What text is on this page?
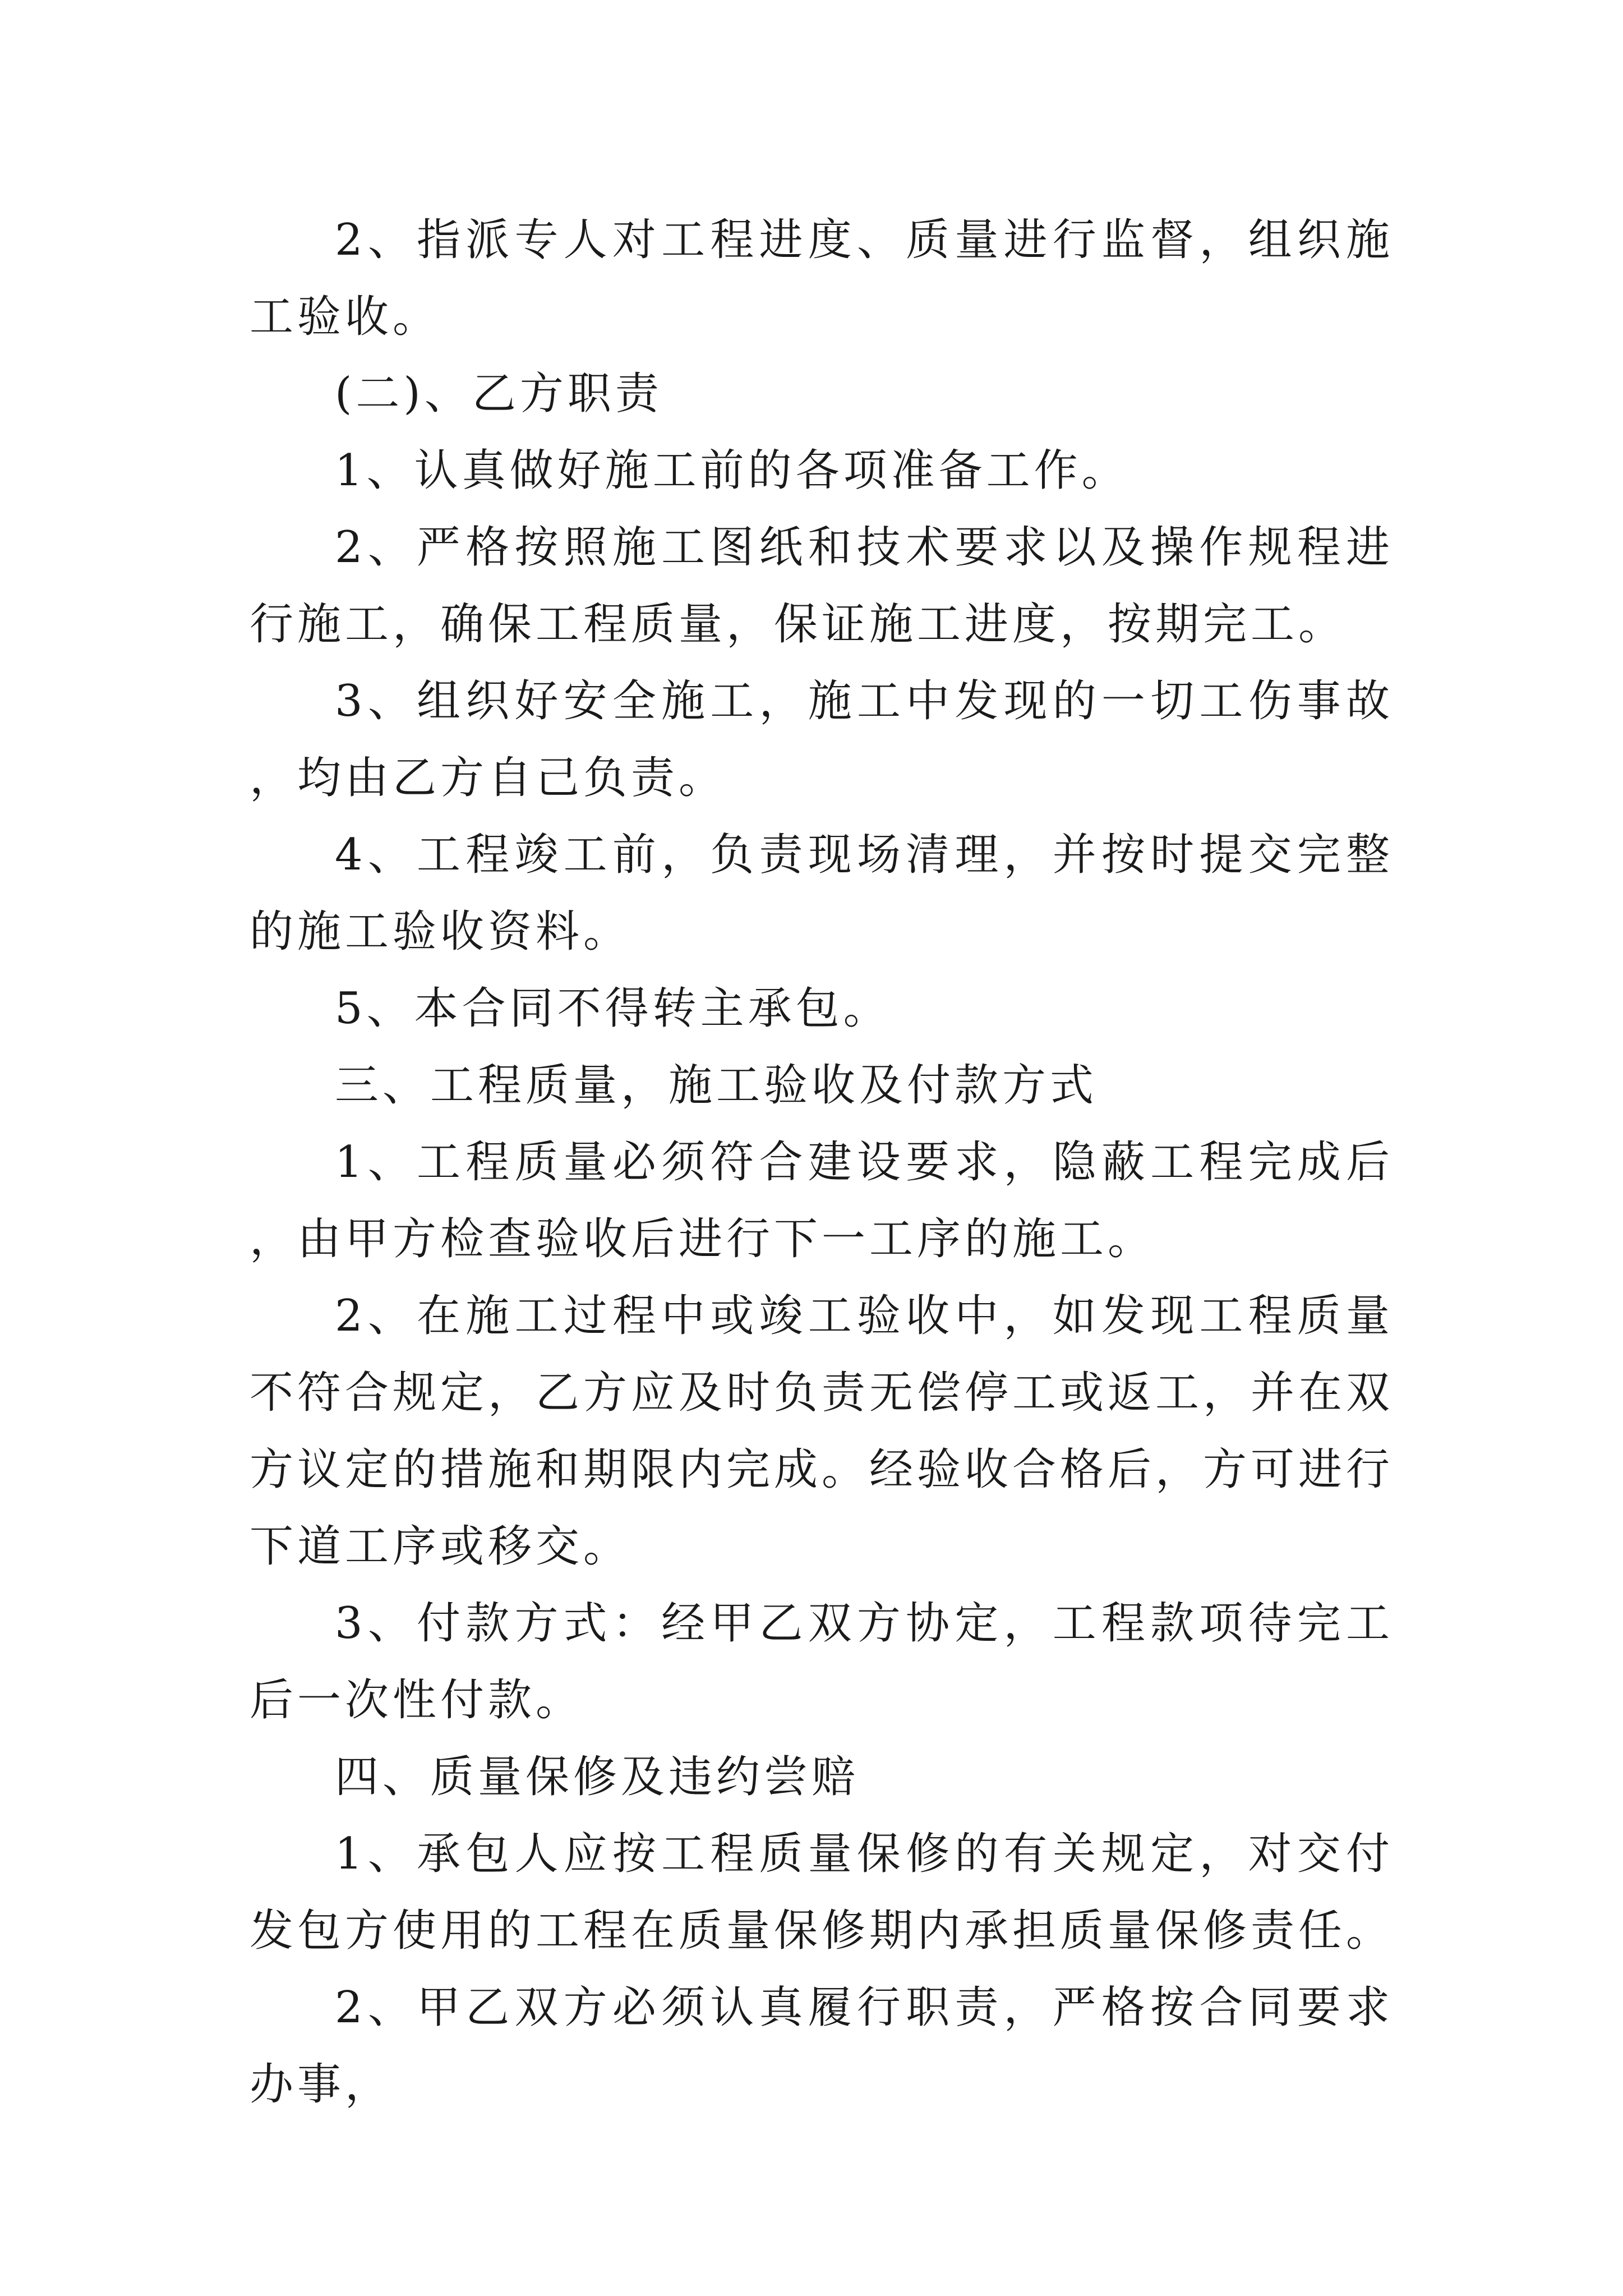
2、指派专人对工程进度、质量进行监督，组织施工验收。

(二)、乙方职责

1、认真做好施工前的各项准备工作。

2、严格按照施工图纸和技术要求以及操作规程进行施工，确保工程质量，保证施工进度，按期完工。

3、组织好安全施工，施工中发现的一切工伤事故，均由乙方自己负责。

4、工程竣工前，负责现场清理，并按时提交完整的施工验收资料。

5、本合同不得转主承包。

三、工程质量，施工验收及付款方式

1、工程质量必须符合建设要求，隐蔽工程完成后，由甲方检查验收后进行下一工序的施工。

2、在施工过程中或竣工验收中，如发现工程质量不符合规定，乙方应及时负责无偿停工或返工，并在双方议定的措施和期限内完成。经验收合格后，方可进行下道工序或移交。

3、付款方式：经甲乙双方协定，工程款项待完工后一次性付款。

四、质量保修及违约尝赔

1、承包人应按工程质量保修的有关规定，对交付发包方使用的工程在质量保修期内承担质量保修责任。

2、甲乙双方必须认真履行职责，严格按合同要求办事，
